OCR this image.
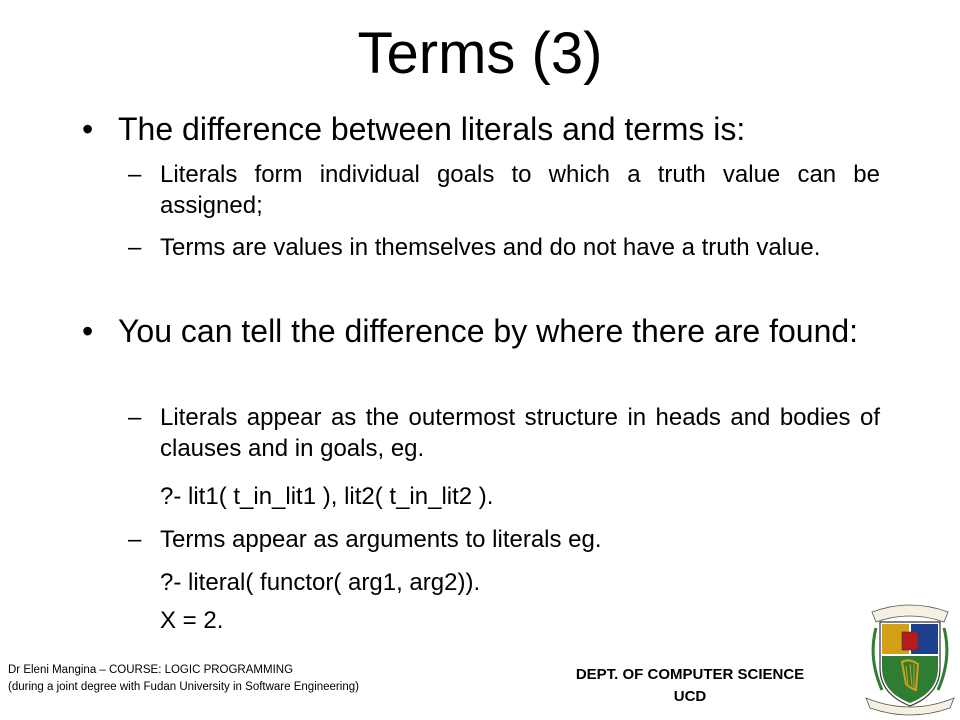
Terms (3)
• The difference between literals and terms is:
– Literals form individual goals to which a truth value can be assigned;
– Terms are values in themselves and do not have a truth value.
• You can tell the difference by where there are found:
– Literals appear as the outermost structure in heads and bodies of clauses and in goals, eg.
?- lit1( t_in_lit1 ), lit2( t_in_lit2 ).
– Terms appear as arguments to literals eg.
?- literal( functor( arg1, arg2)).
X = 2.
Dr Eleni Mangina – COURSE: LOGIC PROGRAMMING
(during a joint degree with Fudan University in Software Engineering)
DEPT. OF COMPUTER SCIENCE
UCD
